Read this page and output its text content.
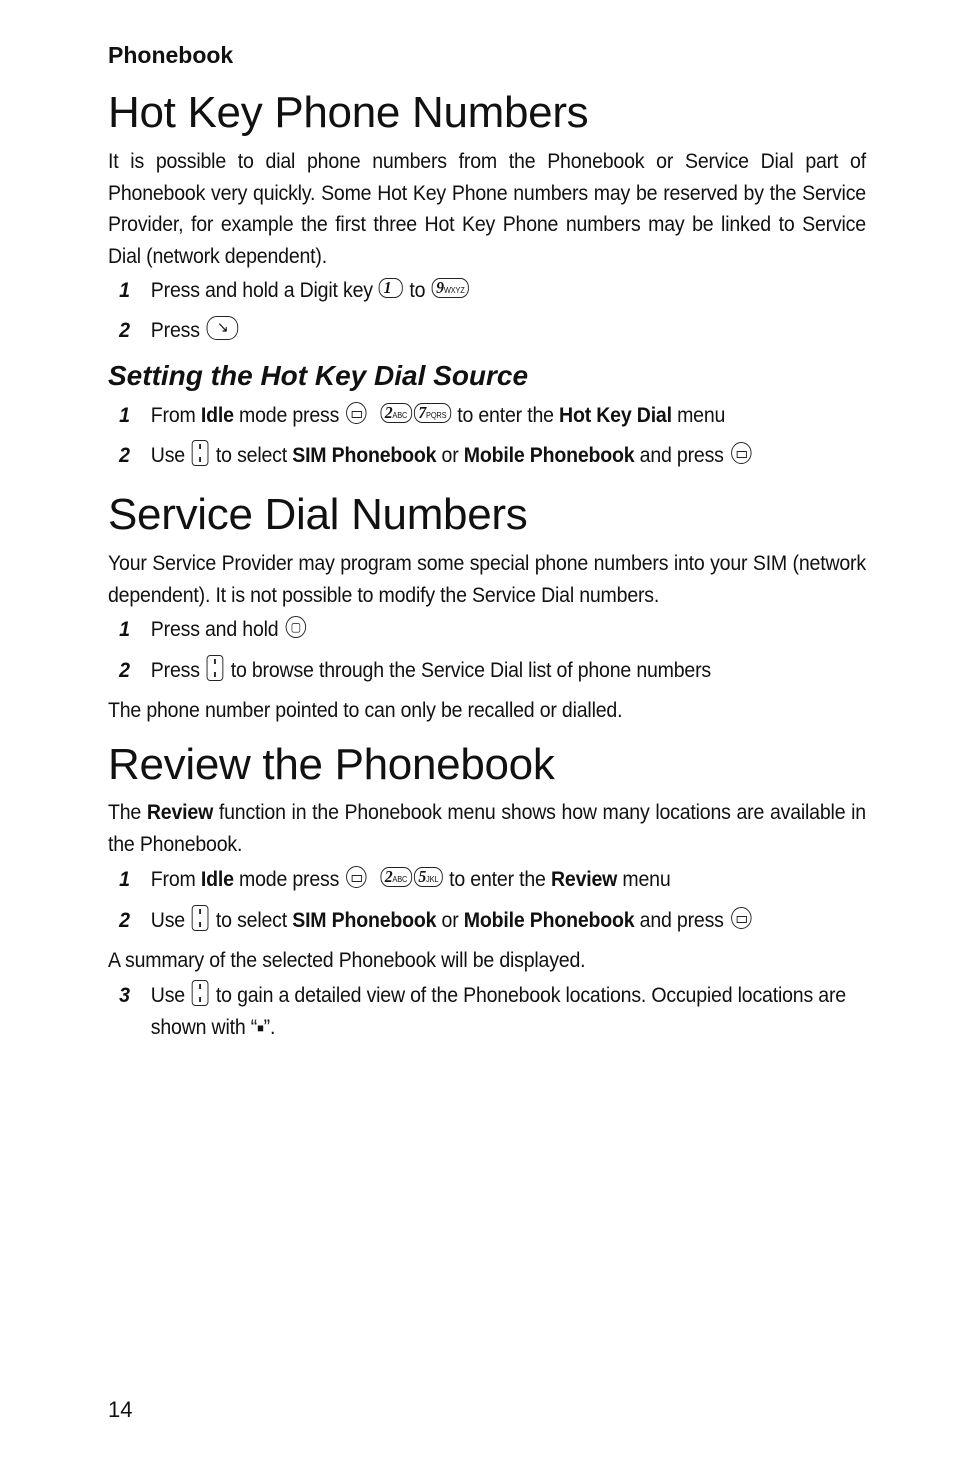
Phonebook
Hot Key Phone Numbers
It is possible to dial phone numbers from the Phonebook or Service Dial part of Phonebook very quickly. Some Hot Key Phone numbers may be reserved by the Service Provider, for example the first three Hot Key Phone numbers may be linked to Service Dial (network dependent).
1 Press and hold a Digit key 1 to 9WXYZ
2 Press ↘
Setting the Hot Key Dial Source
1 From Idle mode press	2ABC 7PQRS to enter the Hot Key Dial menu
2 Use to select SIM Phonebook or Mobile Phonebook and press
Service Dial Numbers
Your Service Provider may program some special phone numbers into your SIM (network dependent). It is not possible to modify the Service Dial numbers.
1 Press and hold ▢
2 Press to browse through the Service Dial list of phone numbers
The phone number pointed to can only be recalled or dialled.
Review the Phonebook
The Review function in the Phonebook menu shows how many locations are available in the Phonebook.
1 From Idle mode press	2ABC 5JKL to enter the Review menu
2 Use to select SIM Phonebook or Mobile Phonebook and press
A summary of the selected Phonebook will be displayed.
3 Use to gain a detailed view of the Phonebook locations. Occupied locations are shown with “■”.
14
